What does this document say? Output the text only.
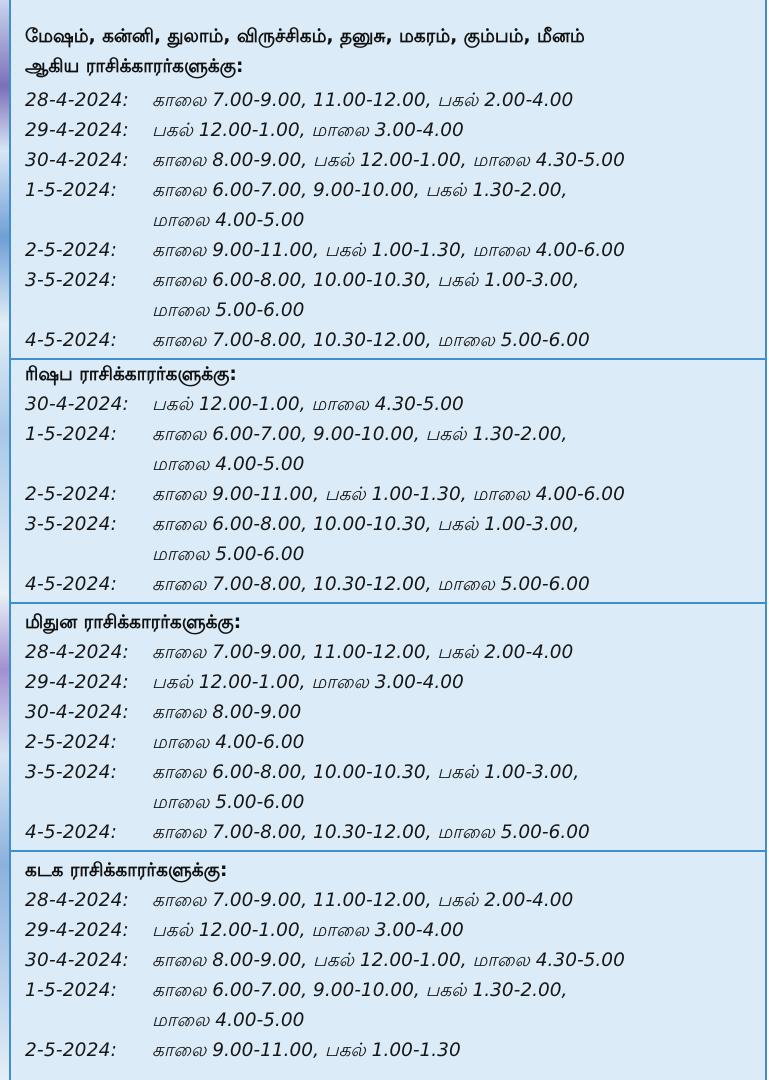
மேஷம், கன்னி, துலாம், விருச்சிகம், தனுசு, மகரம், கும்பம், மீனம்
ஆகிய ராசிக்காரர்களுக்கு:
28-4-2024:	காலை 7.00-9.00, 11.00-12.00, பகல் 2.00-4.00
29-4-2024:	பகல் 12.00-1.00, மாலை 3.00-4.00
30-4-2024:	காலை 8.00-9.00, பகல் 12.00-1.00, மாலை 4.30-5.00
1-5-2024:	காலை 6.00-7.00, 9.00-10.00, பகல் 1.30-2.00,
மாலை 4.00-5.00
2-5-2024:	காலை 9.00-11.00, பகல் 1.00-1.30, மாலை 4.00-6.00
3-5-2024:	காலை 6.00-8.00, 10.00-10.30, பகல் 1.00-3.00,
மாலை 5.00-6.00
4-5-2024:	காலை 7.00-8.00, 10.30-12.00, மாலை 5.00-6.00
ரிஷப ராசிக்காரர்களுக்கு:
30-4-2024:	பகல் 12.00-1.00, மாலை 4.30-5.00
1-5-2024:	காலை 6.00-7.00, 9.00-10.00, பகல் 1.30-2.00,
மாலை 4.00-5.00
2-5-2024:	காலை 9.00-11.00, பகல் 1.00-1.30, மாலை 4.00-6.00
3-5-2024:	காலை 6.00-8.00, 10.00-10.30, பகல் 1.00-3.00,
மாலை 5.00-6.00
4-5-2024:	காலை 7.00-8.00, 10.30-12.00, மாலை 5.00-6.00
மிதுன ராசிக்காரர்களுக்கு:
28-4-2024:	காலை 7.00-9.00, 11.00-12.00, பகல் 2.00-4.00
29-4-2024:	பகல் 12.00-1.00, மாலை 3.00-4.00
30-4-2024:	காலை 8.00-9.00
2-5-2024:	மாலை 4.00-6.00
3-5-2024:	காலை 6.00-8.00, 10.00-10.30, பகல் 1.00-3.00,
மாலை 5.00-6.00
4-5-2024:	காலை 7.00-8.00, 10.30-12.00, மாலை 5.00-6.00
கடக ராசிக்காரர்களுக்கு:
28-4-2024:	காலை 7.00-9.00, 11.00-12.00, பகல் 2.00-4.00
29-4-2024:	பகல் 12.00-1.00, மாலை 3.00-4.00
30-4-2024:	காலை 8.00-9.00, பகல் 12.00-1.00, மாலை 4.30-5.00
1-5-2024:	காலை 6.00-7.00, 9.00-10.00, பகல் 1.30-2.00,
மாலை 4.00-5.00
2-5-2024:	காலை 9.00-11.00, பகல் 1.00-1.30
